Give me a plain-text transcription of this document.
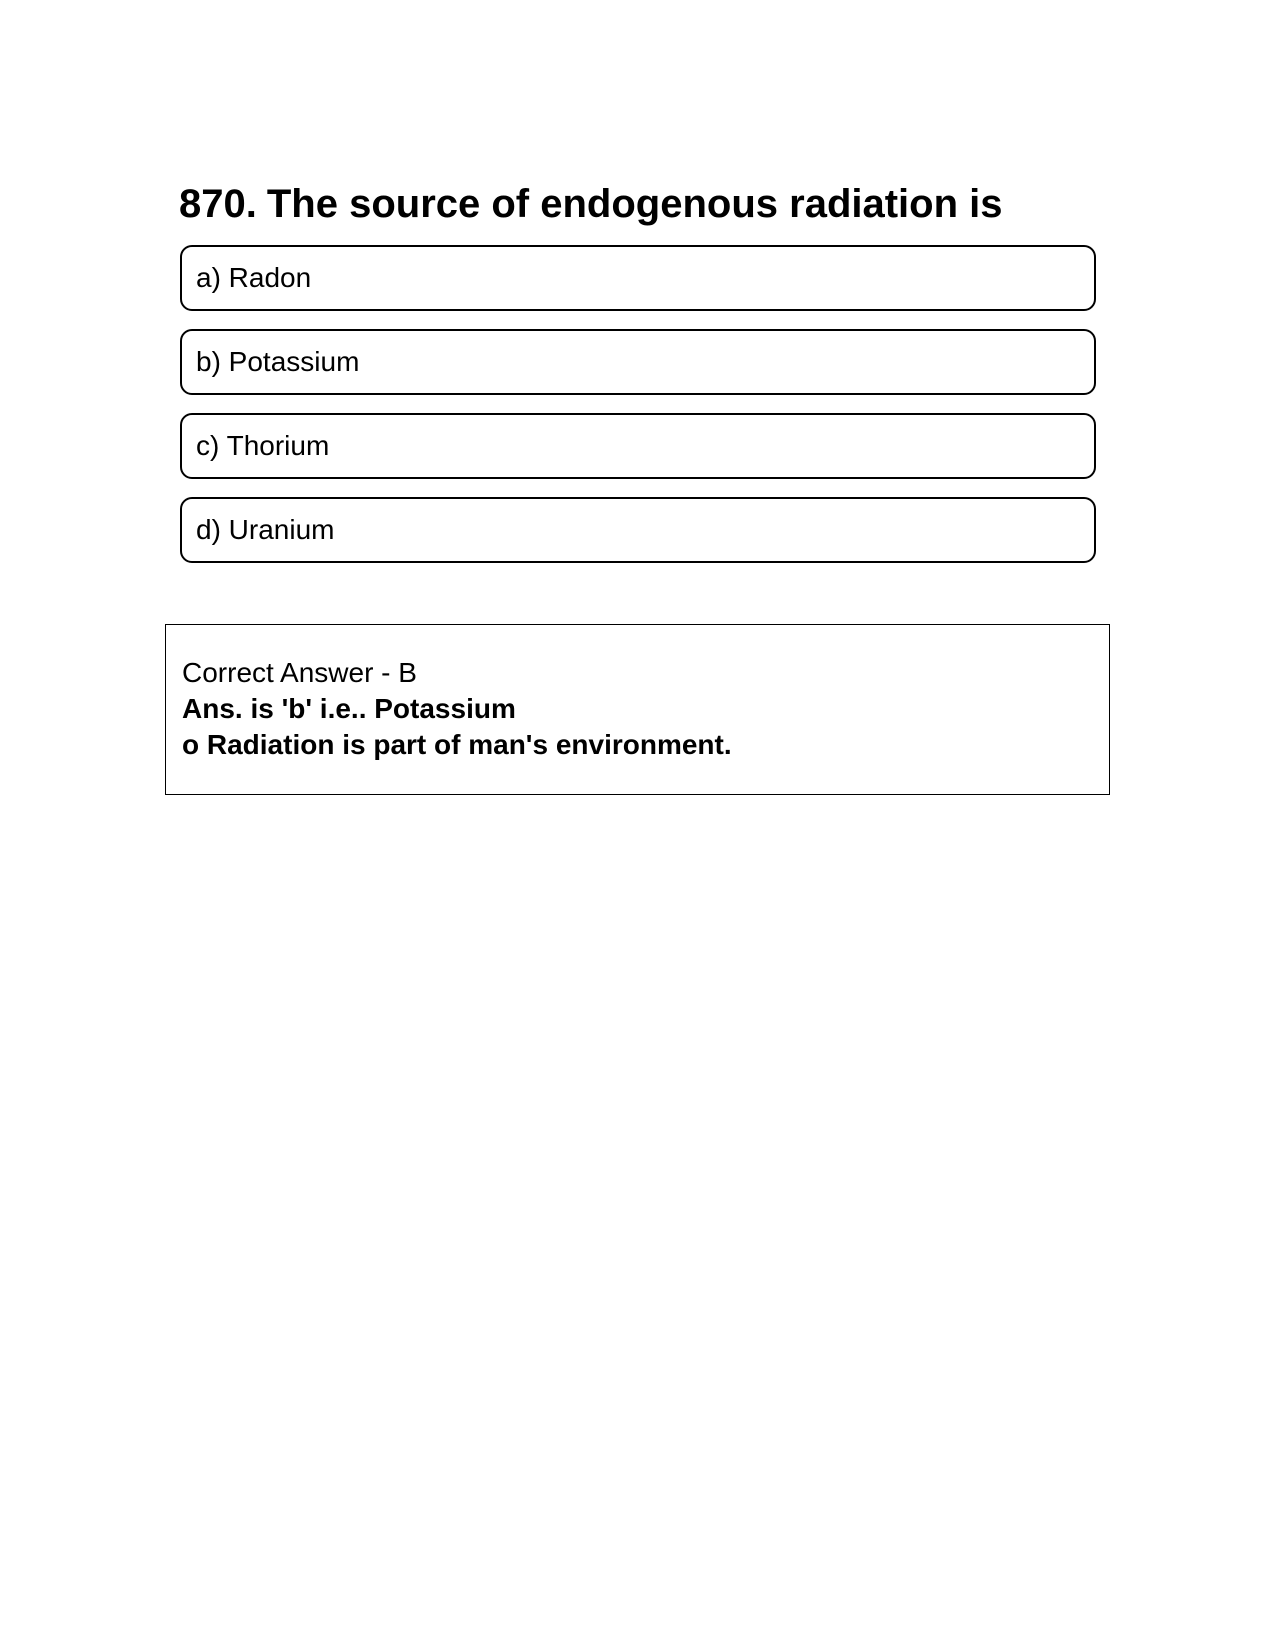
870. The source of endogenous radiation is
a) Radon
b) Potassium
c) Thorium
d) Uranium
Correct Answer - B
Ans. is 'b' i.e.. Potassium
o Radiation is part of man's environment.
